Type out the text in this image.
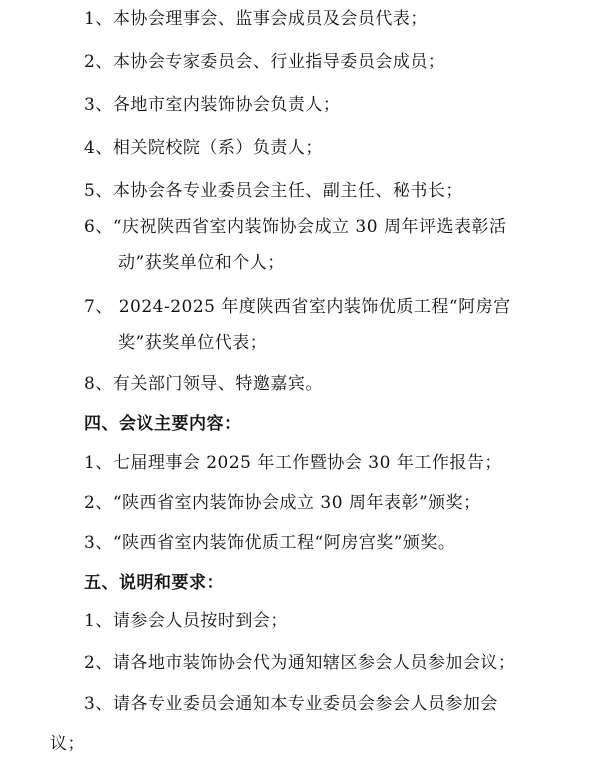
1、本协会理事会、监事会成员及会员代表；
2、本协会专家委员会、行业指导委员会成员；
3、各地市室内装饰协会负责人；
4、相关院校院（系）负责人；
5、本协会各专业委员会主任、副主任、秘书长；
6、“庆祝陕西省室内装饰协会成立 30 周年评选表彰活
动”获奖单位和个人；
7、 2024-2025 年度陕西省室内装饰优质工程“阿房宫
奖”获奖单位代表；
8、有关部门领导、特邀嘉宾。
四、会议主要内容：
1、七届理事会 2025 年工作暨协会 30 年工作报告；
2、“陕西省室内装饰协会成立 30 周年表彰”颁奖；
3、“陕西省室内装饰优质工程“阿房宫奖”颁奖。
五、说明和要求：
1、请参会人员按时到会；
2、请各地市装饰协会代为通知辖区参会人员参加会议；
3、请各专业委员会通知本专业委员会参会人员参加会
议；
